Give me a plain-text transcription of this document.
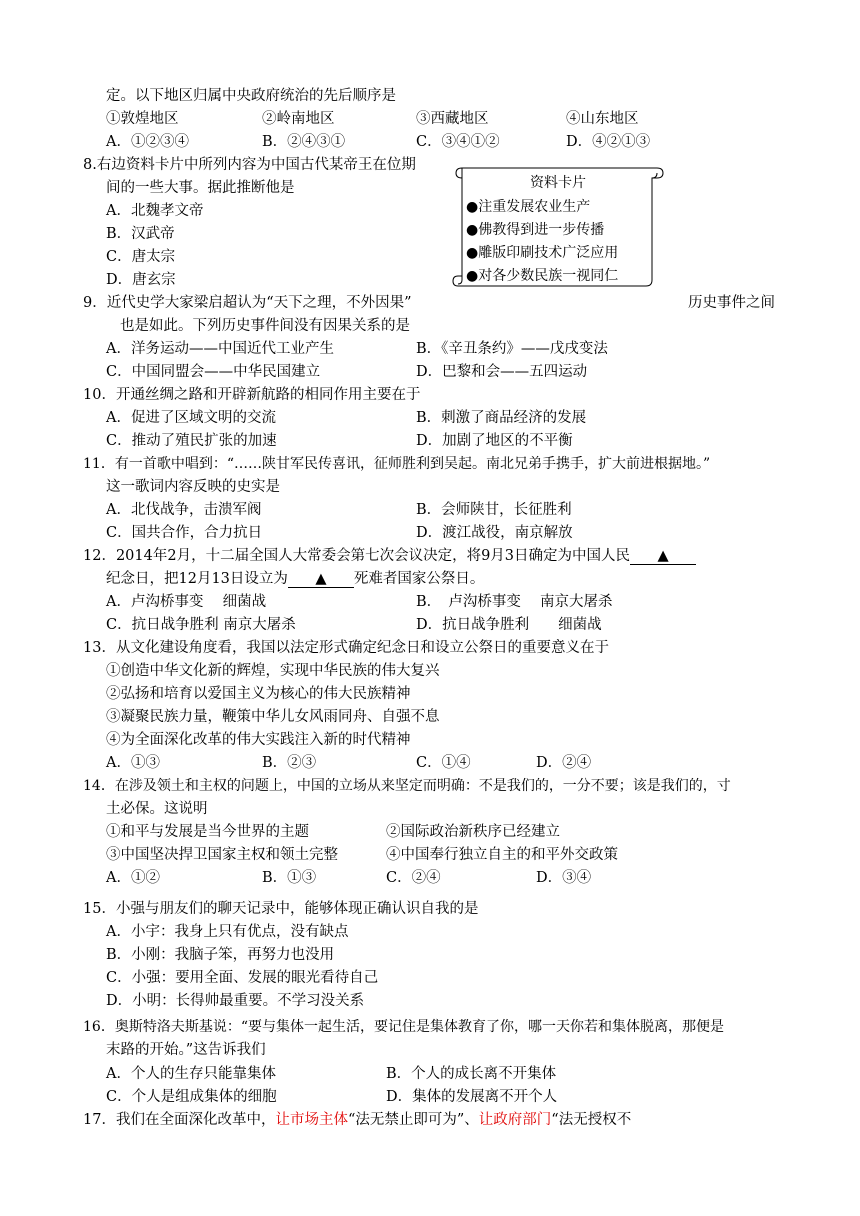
定。以下地区归属中央政府统治的先后顺序是
①敦煌地区	②岭南地区	③西藏地区	④山东地区
A．①②③④	B．②④③①	C．③④①②	D．④②①③
8.右边资料卡片中所列内容为中国古代某帝王在位期
间的一些大事。据此推断他是
A．北魏孝文帝
B．汉武帝
C．唐太宗
D．唐玄宗
资料卡片
●注重发展农业生产
●佛教得到进一步传播
●雕版印刷技术广泛应用
●对各少数民族一视同仁
9．近代史学大家梁启超认为“天下之理，不外因果”	历史事件之间
也是如此。下列历史事件间没有因果关系的是
A．洋务运动——中国近代工业产生	B．《辛丑条约》——戊戌变法
C．中国同盟会——中华民国建立	D．巴黎和会——五四运动
10．开通丝绸之路和开辟新航路的相同作用主要在于
A．促进了区域文明的交流	B．刺激了商品经济的发展
C．推动了殖民扩张的加速	D．加剧了地区的不平衡
11．有一首歌中唱到：“……陕甘军民传喜讯，征师胜利到吴起。南北兄弟手携手，扩大前进根据地。”
这一歌词内容反映的史实是
A．北伐战争，击溃军阀	B．会师陕甘，长征胜利
C．国共合作，合力抗日	D．渡江战役，南京解放
12．2014年2月，十二届全国人大常委会第七次会议决定，将9月3日确定为中国人民 ▲
纪念日，把12月13日设立为 ▲ 死难者国家公祭日。
A．卢沟桥事变　 细菌战	B．　卢沟桥事变　 南京大屠杀
C．抗日战争胜利 南京大屠杀	D．抗日战争胜利　　细菌战
13．从文化建设角度看，我国以法定形式确定纪念日和设立公祭日的重要意义在于
①创造中华文化新的辉煌，实现中华民族的伟大复兴
②弘扬和培育以爱国主义为核心的伟大民族精神
③凝聚民族力量，鞭策中华儿女风雨同舟、自强不息
④为全面深化改革的伟大实践注入新的时代精神
A．①③	B．②③	C．①④	D．②④
14．在涉及领土和主权的问题上，中国的立场从来坚定而明确：不是我们的，一分不要；该是我们的，寸
土必保。这说明
①和平与发展是当今世界的主题	②国际政治新秩序已经建立
③中国坚决捍卫国家主权和领土完整	④中国奉行独立自主的和平外交政策
A．①②	B．①③	C．②④	D．③④
15．小强与朋友们的聊天记录中，能够体现正确认识自我的是
A．小宇：我身上只有优点，没有缺点
B．小刚：我脑子笨，再努力也没用
C．小强：要用全面、发展的眼光看待自己
D．小明：长得帅最重要。不学习没关系
16．奥斯特洛夫斯基说：“要与集体一起生活，要记住是集体教育了你，哪一天你若和集体脱离，那便是
末路的开始。”这告诉我们
A．个人的生存只能靠集体	B．个人的成长离不开集体
C．个人是组成集体的细胞	D．集体的发展离不开个人
17．我们在全面深化改革中，让市场主体“法无禁止即可为”、让政府部门“法无授权不
